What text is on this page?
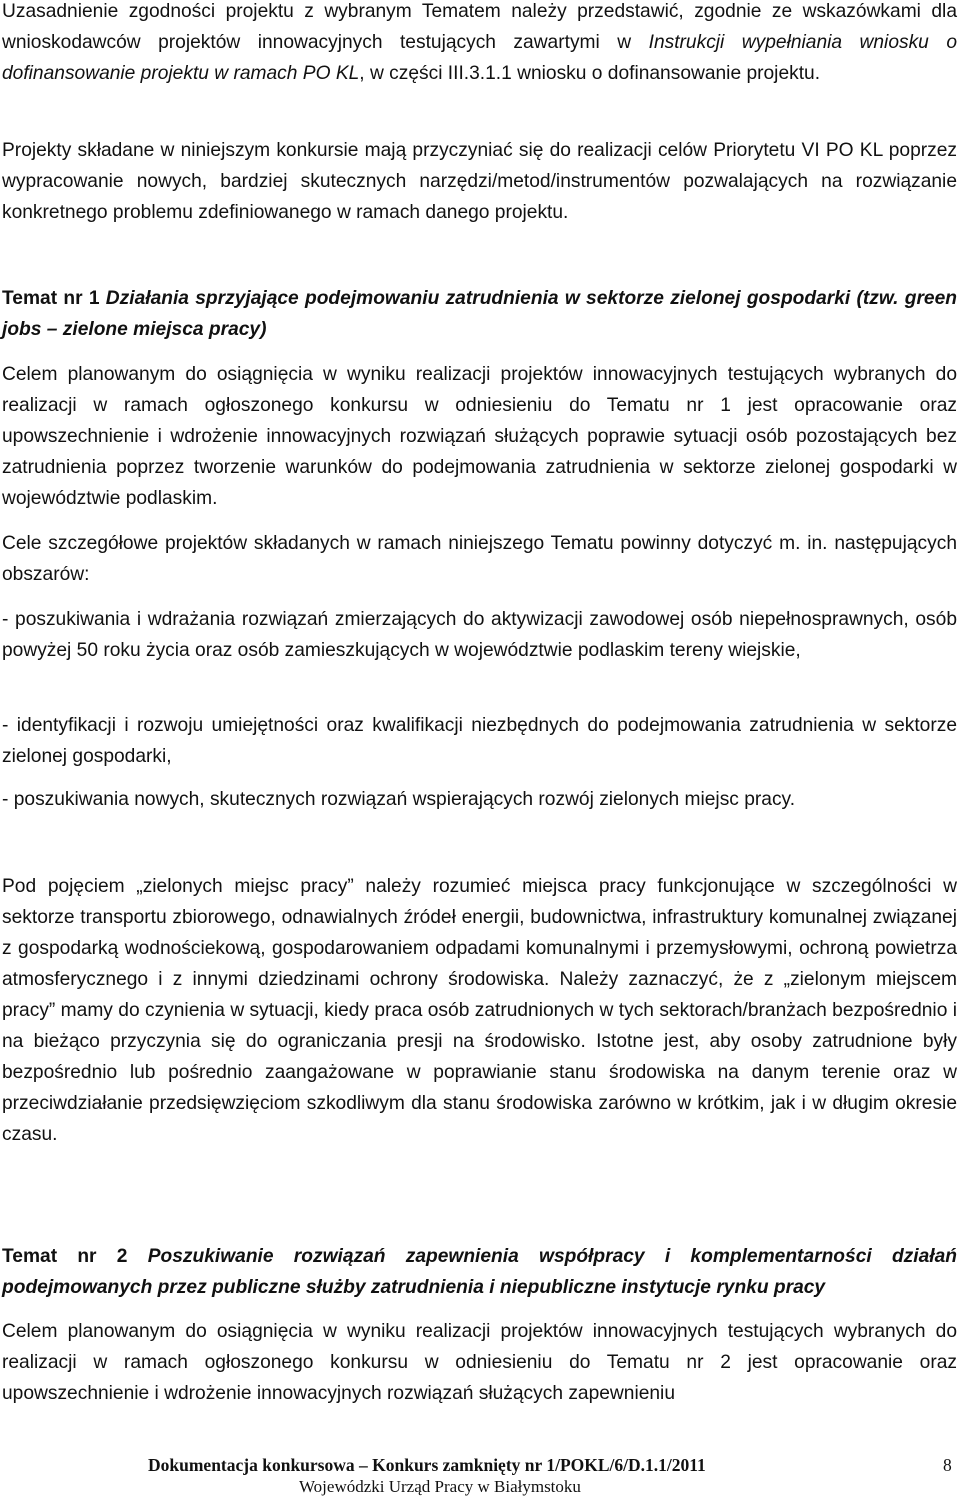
Uzasadnienie zgodności projektu z wybranym Tematem należy przedstawić, zgodnie ze wskazówkami dla wnioskodawców projektów innowacyjnych testujących zawartymi w Instrukcji wypełniania wniosku o dofinansowanie projektu w ramach PO KL, w części III.3.1.1 wniosku o dofinansowanie projektu.

Projekty składane w niniejszym konkursie mają przyczyniać się do realizacji celów Priorytetu VI PO KL poprzez wypracowanie nowych, bardziej skutecznych narzędzi/metod/instrumentów pozwalających na rozwiązanie konkretnego problemu zdefiniowanego w ramach danego projektu.

Temat nr 1 Działania sprzyjające podejmowaniu zatrudnienia w sektorze zielonej gospodarki (tzw. green jobs – zielone miejsca pracy)

Celem planowanym do osiągnięcia w wyniku realizacji projektów innowacyjnych testujących wybranych do realizacji w ramach ogłoszonego konkursu w odniesieniu do Tematu nr 1 jest opracowanie oraz upowszechnienie i wdrożenie innowacyjnych rozwiązań służących poprawie sytuacji osób pozostających bez zatrudnienia poprzez tworzenie warunków do podejmowania zatrudnienia w sektorze zielonej gospodarki w województwie podlaskim.

Cele szczegółowe projektów składanych w ramach niniejszego Tematu powinny dotyczyć m. in. następujących obszarów:

- poszukiwania i wdrażania rozwiązań zmierzających do aktywizacji zawodowej osób niepełnosprawnych, osób powyżej 50 roku życia oraz osób zamieszkujących w województwie podlaskim tereny wiejskie,

- identyfikacji i rozwoju umiejętności oraz kwalifikacji niezbędnych do podejmowania zatrudnienia w sektorze zielonej gospodarki,

- poszukiwania nowych, skutecznych rozwiązań wspierających rozwój zielonych miejsc pracy.

Pod pojęciem „zielonych miejsc pracy” należy rozumieć miejsca pracy funkcjonujące w szczególności w sektorze transportu zbiorowego, odnawialnych źródeł energii, budownictwa, infrastruktury komunalnej związanej z gospodarką wodnościekową, gospodarowaniem odpadami komunalnymi i przemysłowymi, ochroną powietrza atmosferycznego i z innymi dziedzinami ochrony środowiska. Należy zaznaczyć, że z „zielonym miejscem pracy” mamy do czynienia w sytuacji, kiedy praca osób zatrudnionych w tych sektorach/branżach bezpośrednio i na bieżąco przyczynia się do ograniczania presji na środowisko. Istotne jest, aby osoby zatrudnione były bezpośrednio lub pośrednio zaangażowane w poprawianie stanu środowiska na danym terenie oraz w przeciwdziałanie przedsięwzięciom szkodliwym dla stanu środowiska zarówno w krótkim, jak i w długim okresie czasu.

Temat nr 2 Poszukiwanie rozwiązań zapewnienia współpracy i komplementarności działań podejmowanych przez publiczne służby zatrudnienia i niepubliczne instytucje rynku pracy

Celem planowanym do osiągnięcia w wyniku realizacji projektów innowacyjnych testujących wybranych do realizacji w ramach ogłoszonego konkursu w odniesieniu do Tematu nr 2 jest opracowanie oraz upowszechnienie i wdrożenie innowacyjnych rozwiązań służących zapewnieniu

Dokumentacja konkursowa – Konkurs zamknięty nr 1/POKL/6/D.1.1/2011	8
Wojewódzki Urząd Pracy w Białymstoku
